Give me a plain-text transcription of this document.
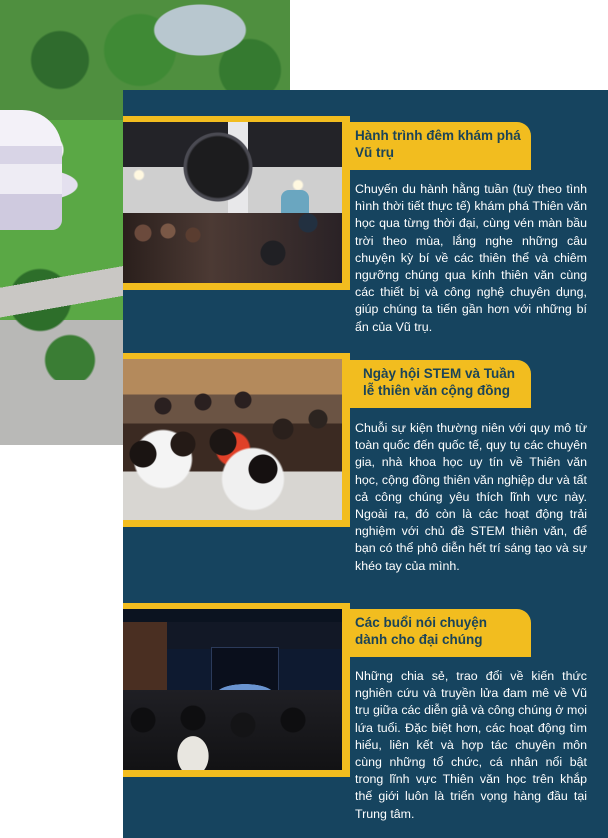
Hành trình đêm khám phá Vũ trụ
Chuyến du hành hằng tuần (tuỳ theo tình hình thời tiết thực tế) khám phá Thiên văn học qua từng thời đại, cùng vén màn bầu trời theo mùa, lắng nghe những câu chuyện kỳ bí về các thiên thể và chiêm ngưỡng chúng qua kính thiên văn cùng các thiết bị và công nghệ chuyên dụng, giúp chúng ta tiến gần hơn với những bí ẩn của Vũ trụ.
Ngày hội STEM và Tuần lễ thiên văn cộng đồng
Chuỗi sự kiện thường niên với quy mô từ toàn quốc đến quốc tế, quy tụ các chuyên gia, nhà khoa học uy tín về Thiên văn học, cộng đồng thiên văn nghiệp dư và tất cả công chúng yêu thích lĩnh vực này. Ngoài ra, đó còn là các hoạt động trải nghiệm với chủ đề STEM thiên văn, để bạn có thể phô diễn hết trí sáng tạo và sự khéo tay của mình.
Các buổi nói chuyện dành cho đại chúng
Những chia sẻ, trao đổi về kiến thức nghiên cứu và truyền lửa đam mê về Vũ trụ giữa các diễn giả và công chúng ở mọi lứa tuổi. Đặc biệt hơn, các hoạt động tìm hiểu, liên kết và hợp tác chuyên môn cùng những tổ chức, cá nhân nổi bật trong lĩnh vực Thiên văn học trên khắp thế giới luôn là triển vọng hàng đầu tại Trung tâm.
